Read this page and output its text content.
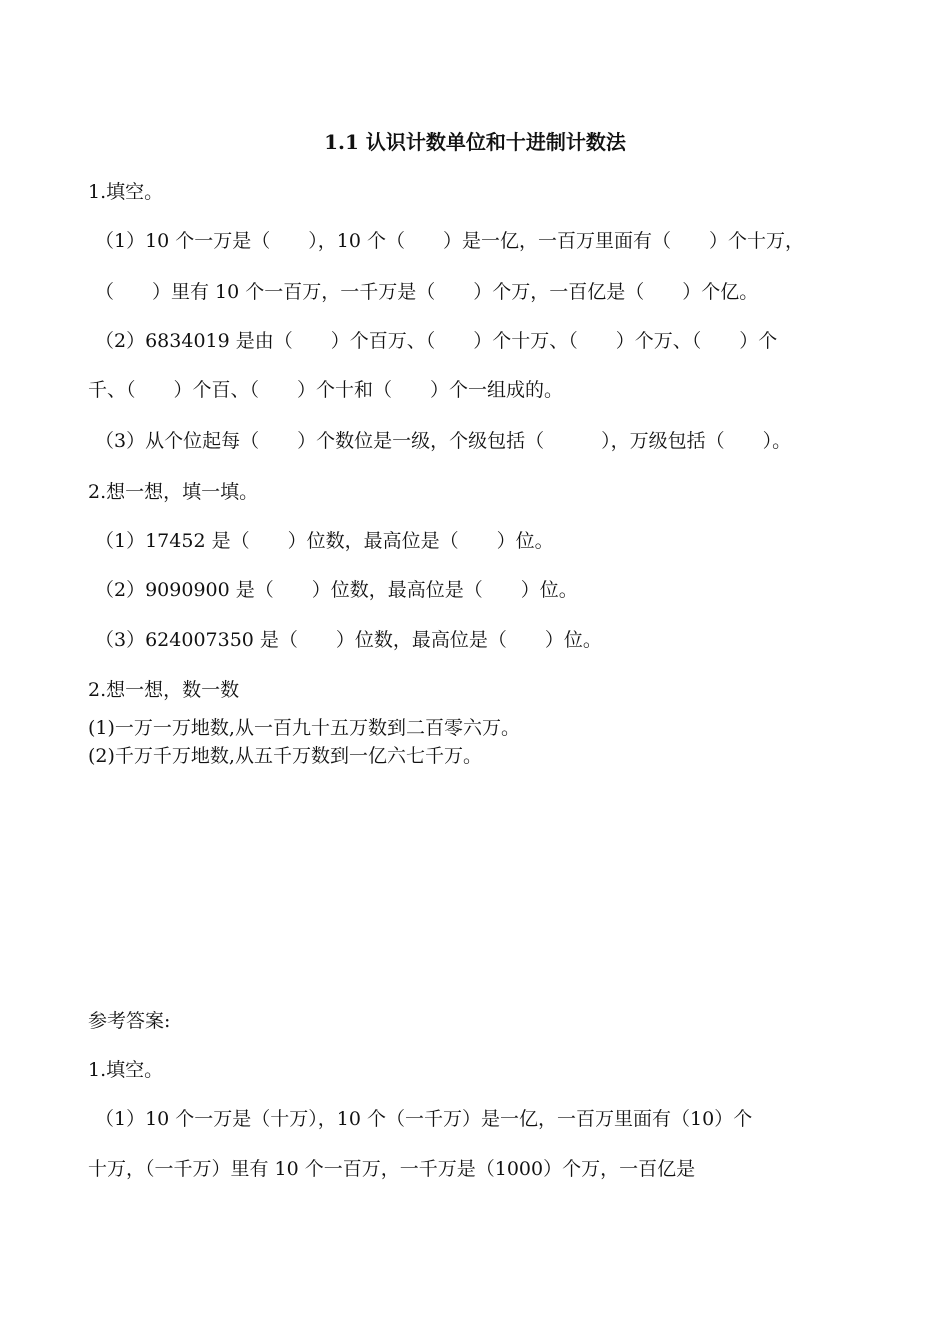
1.1 认识计数单位和十进制计数法
1.填空。
（1）10 个一万是（　　），10 个（　　）是一亿，一百万里面有（　　）个十万，
（　　）里有 10 个一百万，一千万是（　　）个万，一百亿是（　　）个亿。
（2）6834019 是由（　　）个百万、（　　）个十万、（　　）个万、（　　）个
千、（　　）个百、（　　）个十和（　　）个一组成的。
（3）从个位起每（　　）个数位是一级，个级包括（　　　），万级包括（　　）。
2.想一想，填一填。
（1）17452 是（　　）位数，最高位是（　　）位。
（2）9090900 是（　　）位数，最高位是（　　）位。
（3）624007350 是（　　）位数，最高位是（　　）位。
2.想一想，数一数
(1)一万一万地数,从一百九十五万数到二百零六万。
(2)千万千万地数,从五千万数到一亿六七千万。
参考答案:
1.填空。
（1）10 个一万是（十万），10 个（一千万）是一亿，一百万里面有（10）个
十万，（一千万）里有 10 个一百万，一千万是（1000）个万，一百亿是
